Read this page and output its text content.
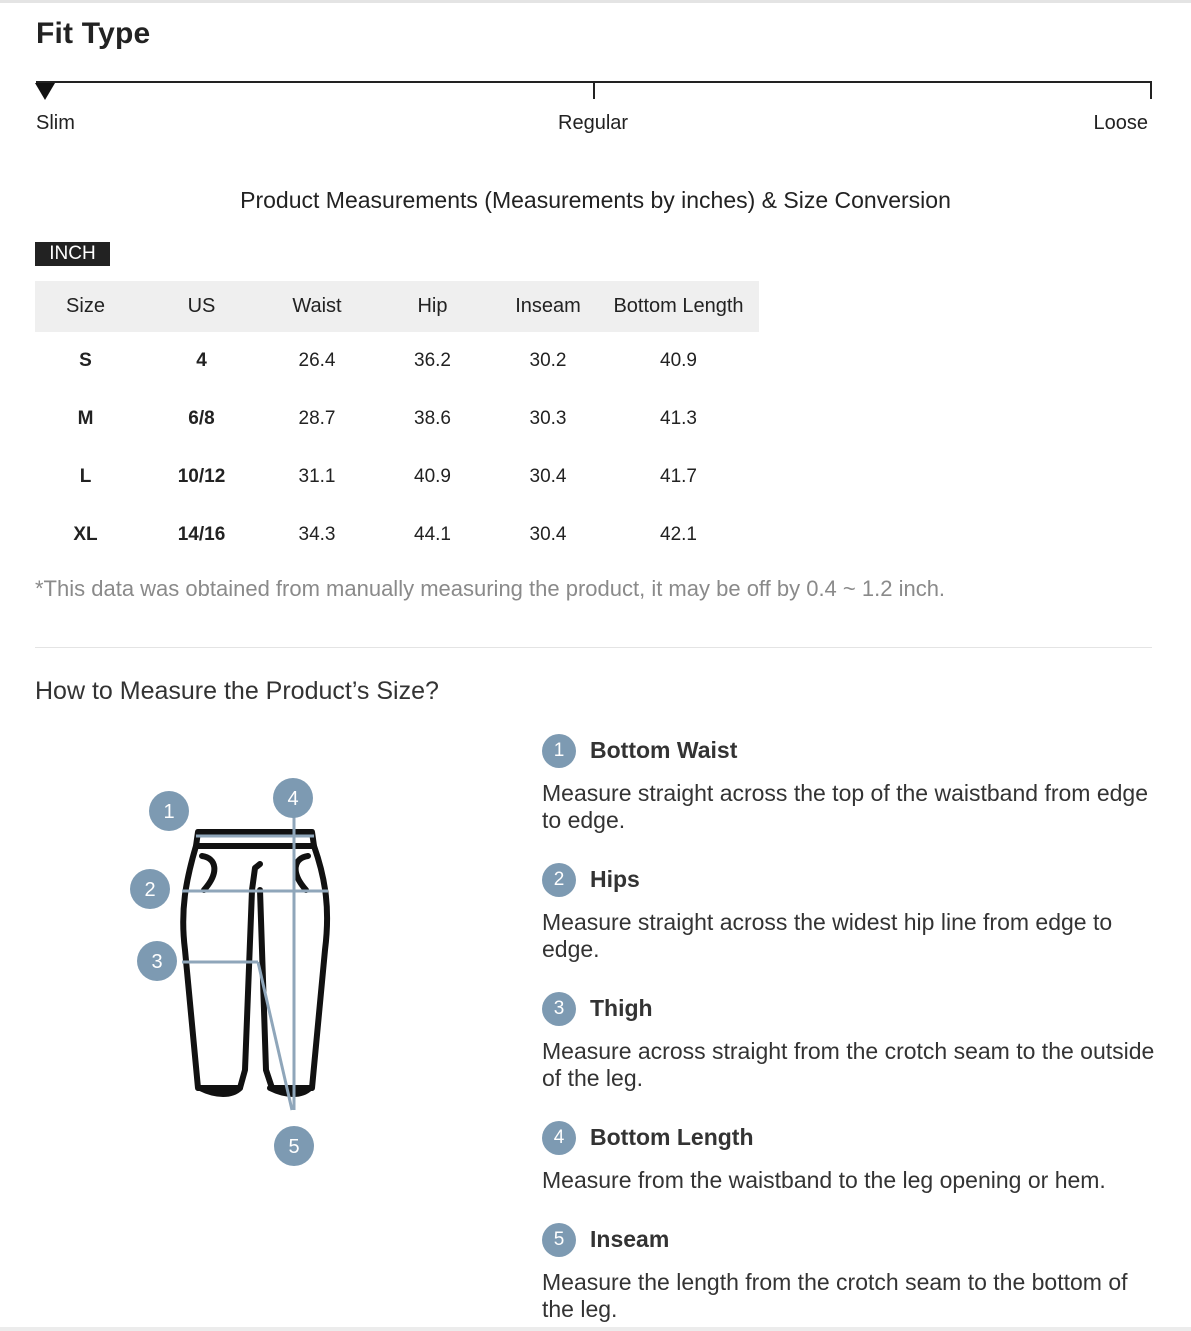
Fit Type
Slim	Regular	Loose
Product Measurements (Measurements by inches) & Size Conversion
INCH
Size	US	Waist	Hip	Inseam	Bottom Length
S	4	26.4	36.2	30.2	40.9
M	6/8	28.7	38.6	30.3	41.3
L	10/12	31.1	40.9	30.4	41.7
XL	14/16	34.3	44.1	30.4	42.1
*This data was obtained from manually measuring the product, it may be off by 0.4 ~ 1.2 inch.
How to Measure the Product’s Size?
1
4
2
3
5
1	Bottom Waist
Measure straight across the top of the waistband from edge to edge.
2	Hips
Measure straight across the widest hip line from edge to edge.
3	Thigh
Measure across straight from the crotch seam to the outside of the leg.
4	Bottom Length
Measure from the waistband to the leg opening or hem.
5	Inseam
Measure the length from the crotch seam to the bottom of the leg.
